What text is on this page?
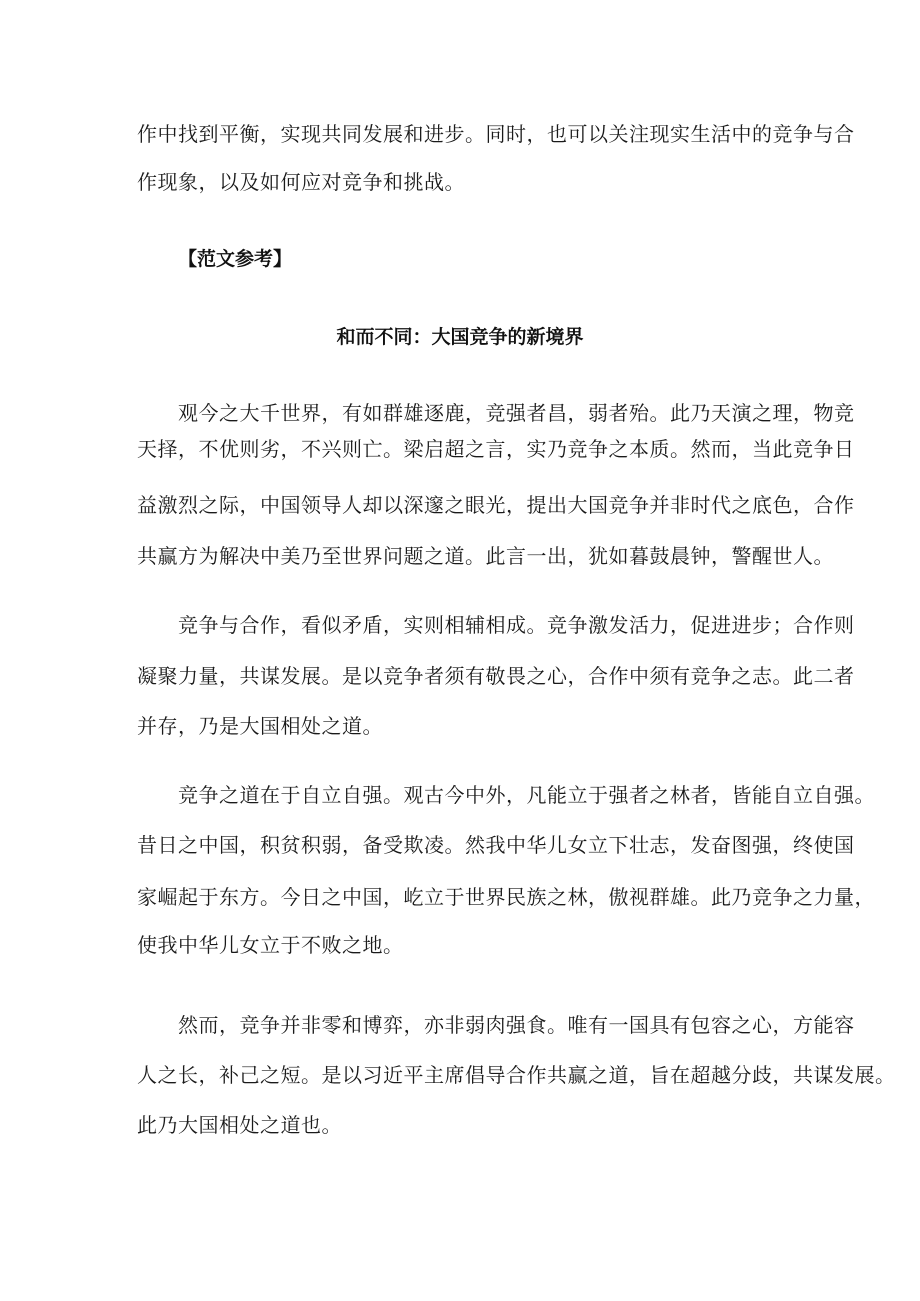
作中找到平衡，实现共同发展和进步。同时，也可以关注现实生活中的竞争与合
作现象，以及如何应对竞争和挑战。
【范文参考】
和而不同：大国竞争的新境界
观今之大千世界，有如群雄逐鹿，竞强者昌，弱者殆。此乃天演之理，物竞
天择，不优则劣，不兴则亡。梁启超之言，实乃竞争之本质。然而，当此竞争日
益激烈之际，中国领导人却以深邃之眼光，提出大国竞争并非时代之底色，合作
共赢方为解决中美乃至世界问题之道。此言一出，犹如暮鼓晨钟，警醒世人。
竞争与合作，看似矛盾，实则相辅相成。竞争激发活力，促进进步；合作则
凝聚力量，共谋发展。是以竞争者须有敬畏之心，合作中须有竞争之志。此二者
并存，乃是大国相处之道。
竞争之道在于自立自强。观古今中外，凡能立于强者之林者，皆能自立自强。
昔日之中国，积贫积弱，备受欺凌。然我中华儿女立下壮志，发奋图强，终使国
家崛起于东方。今日之中国，屹立于世界民族之林，傲视群雄。此乃竞争之力量，
使我中华儿女立于不败之地。
然而，竞争并非零和博弈，亦非弱肉强食。唯有一国具有包容之心，方能容
人之长，补己之短。是以习近平主席倡导合作共赢之道，旨在超越分歧，共谋发展。
此乃大国相处之道也。
